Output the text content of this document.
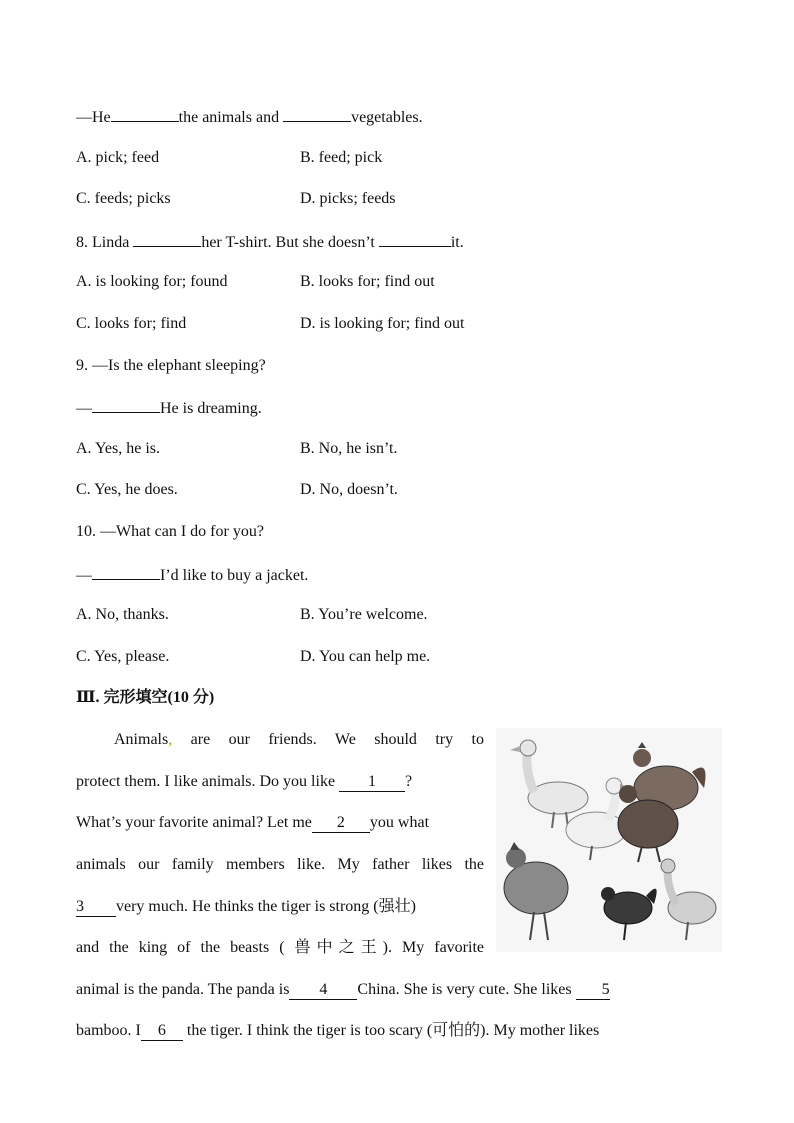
—He	the animals and	vegetables.
A. pick; feed	B. feed; pick
C. feeds; picks	D. picks; feeds
8. Linda	her T-shirt. But she doesn’t	it.
A. is looking for; found	B. looks for; find out
C. looks for; find	D. is looking for; find out
9. —Is the elephant sleeping?
—	He is dreaming.
A. Yes, he is.	B. No, he isn’t.
C. Yes, he does.	D. No, doesn’t.
10. —What can I do for you?
—	I’d like to buy a jacket.
A. No, thanks.	B. You’re welcome.
C. Yes, please.	D. You can help me.
Ⅲ. 完形填空(10 分)
Animals, are our friends. We should try to
protect them. I like animals. Do you like 1 ?
What’s your favorite animal? Let me 2 you what
animals our family members like. My father likes the
3 very much. He thinks the tiger is strong (强壮)
and the king of the beasts ( 兽中之王). My favorite
animal is the panda. The panda is 4 China. She is very cute. She likes 5
bamboo. I 6 the tiger. I think the tiger is too scary (可怕的). My mother likes
